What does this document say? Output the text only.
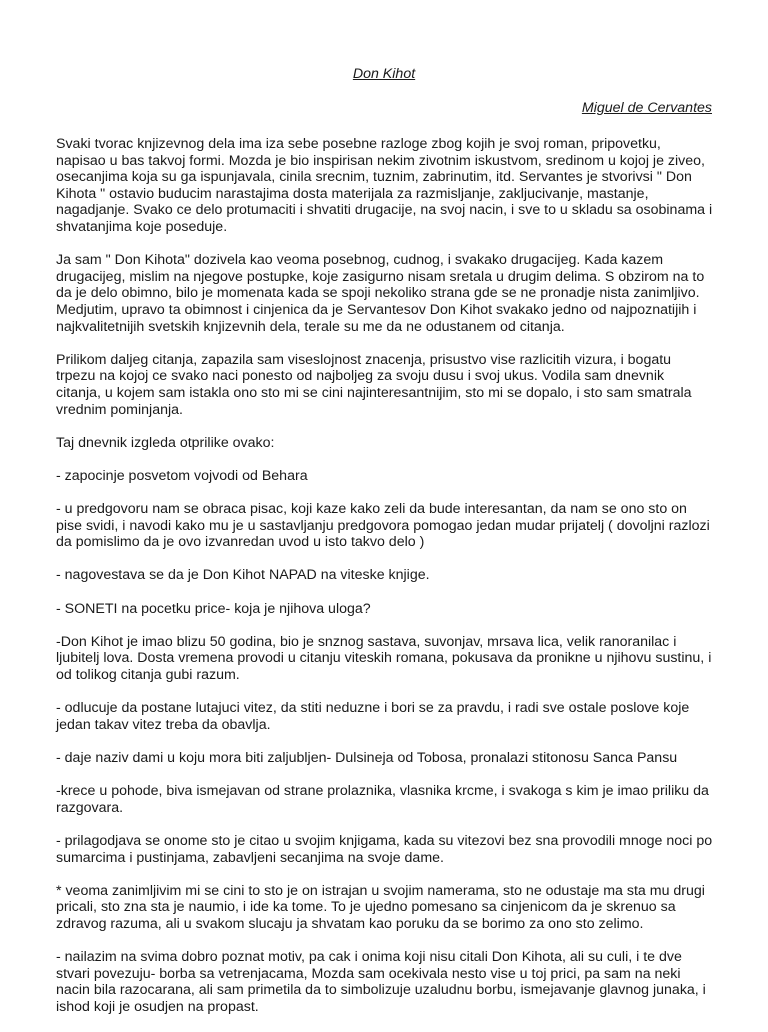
Don Kihot

Miguel de Cervantes

Svaki tvorac knjizevnog dela ima iza sebe posebne razloge zbog kojih je svoj roman, pripovetku,
napisao u bas takvoj formi. Mozda je bio inspirisan nekim zivotnim iskustvom, sredinom u kojoj je ziveo,
osecanjima koja su ga ispunjavala, cinila srecnim, tuznim, zabrinutim, itd. Servantes je stvorivsi " Don
Kihota " ostavio buducim narastajima dosta materijala za razmisljanje, zakljucivanje, mastanje,
nagadjanje. Svako ce delo protumaciti i shvatiti drugacije, na svoj nacin, i sve to u skladu sa osobinama i
shvatanjima koje poseduje.

Ja sam " Don Kihota" dozivela kao veoma posebnog, cudnog, i svakako drugacijeg. Kada kazem
drugacijeg, mislim na njegove postupke, koje zasigurno nisam sretala u drugim delima. S obzirom na to
da je delo obimno, bilo je momenata kada se spoji nekoliko strana gde se ne pronadje nista zanimljivo.
Medjutim, upravo ta obimnost i cinjenica da je Servantesov Don Kihot svakako jedno od najpoznatijih i
najkvalitetnijih svetskih knjizevnih dela, terale su me da ne odustanem od citanja.

Prilikom daljeg citanja, zapazila sam viseslojnost znacenja, prisustvo vise razlicitih vizura, i bogatu
trpezu na kojoj ce svako naci ponesto od najboljeg za svoju dusu i svoj ukus. Vodila sam dnevnik
citanja, u kojem sam istakla ono sto mi se cini najinteresantnijim, sto mi se dopalo, i sto sam smatrala
vrednim pominjanja.

Taj dnevnik izgleda otprilike ovako:

- zapocinje posvetom vojvodi od Behara

- u predgovoru nam se obraca pisac, koji kaze kako zeli da bude interesantan, da nam se ono sto on
pise svidi, i navodi kako mu je u sastavljanju predgovora pomogao jedan mudar prijatelj ( dovoljni razlozi
da pomislimo da je ovo izvanredan uvod u isto takvo delo )

- nagovestava se da je Don Kihot NAPAD na viteske knjige.

- SONETI na pocetku price- koja je njihova uloga?

-Don Kihot je imao blizu 50 godina, bio je snznog sastava, suvonjav, mrsava lica, velik ranoranilac i
ljubitelj lova. Dosta vremena provodi u citanju viteskih romana, pokusava da pronikne u njihovu sustinu, i
od tolikog citanja gubi razum.

- odlucuje da postane lutajuci vitez, da stiti neduzne i bori se za pravdu, i radi sve ostale poslove koje
jedan takav vitez treba da obavlja.

- daje naziv dami u koju mora biti zaljubljen- Dulsineja od Tobosa, pronalazi stitonosu Sanca Pansu

-krece u pohode, biva ismejavan od strane prolaznika, vlasnika krcme, i svakoga s kim je imao priliku da
razgovara.

- prilagodjava se onome sto je citao u svojim knjigama, kada su vitezovi bez sna provodili mnoge noci po
sumarcima i pustinjama, zabavljeni secanjima na svoje dame.

* veoma zanimljivim mi se cini to sto je on istrajan u svojim namerama, sto ne odustaje ma sta mu drugi
pricali, sto zna sta je naumio, i ide ka tome. To je ujedno pomesano sa cinjenicom da je skrenuo sa
zdravog razuma, ali u svakom slucaju ja shvatam kao poruku da se borimo za ono sto zelimo.

- nailazim na svima dobro poznat motiv, pa cak i onima koji nisu citali Don Kihota, ali su culi, i te dve
stvari povezuju- borba sa vetrenjacama, Mozda sam ocekivala nesto vise u toj prici, pa sam na neki
nacin bila razocarana, ali sam primetila da to simbolizuje uzaludnu borbu, ismejavanje glavnog junaka, i
ishod koji je osudjen na propast.
